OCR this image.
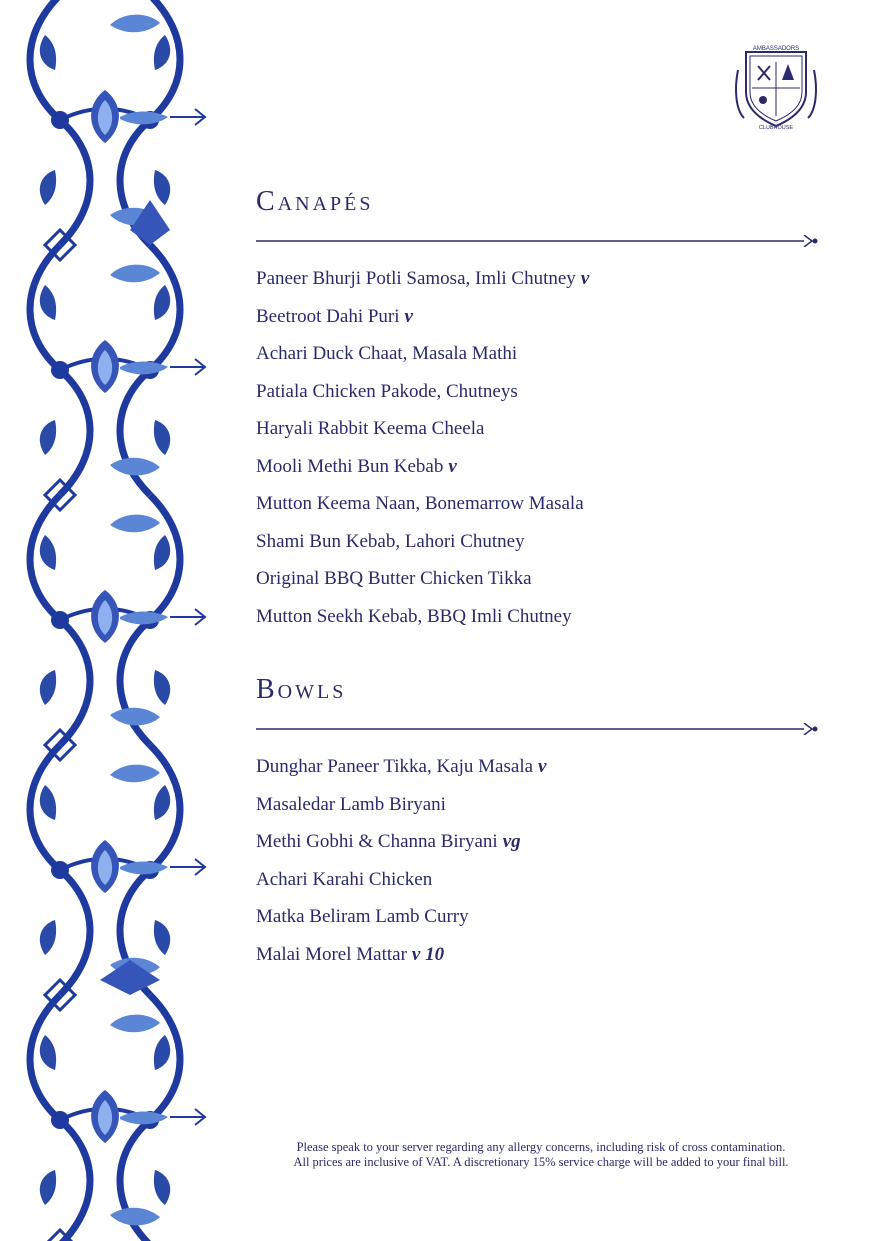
AMBASSADORS
CLUBHOUSE
Canapés

Paneer Bhurji Potli Samosa, Imli Chutney v

Beetroot Dahi Puri v

Achari Duck Chaat, Masala Mathi

Patiala Chicken Pakode, Chutneys

Haryali Rabbit Keema Cheela

Mooli Methi Bun Kebab v

Mutton Keema Naan, Bonemarrow Masala

Shami Bun Kebab, Lahori Chutney

Original BBQ Butter Chicken Tikka

Mutton Seekh Kebab, BBQ Imli Chutney

Bowls

Dunghar Paneer Tikka, Kaju Masala v

Masaledar Lamb Biryani

Methi Gobhi & Channa Biryani vg

Achari Karahi Chicken

Matka Beliram Lamb Curry

Malai Morel Mattar v 10

Please speak to your server regarding any allergy concerns, including risk of cross contamination.

All prices are inclusive of VAT. A discretionary 15% service charge will be added to your final bill.
